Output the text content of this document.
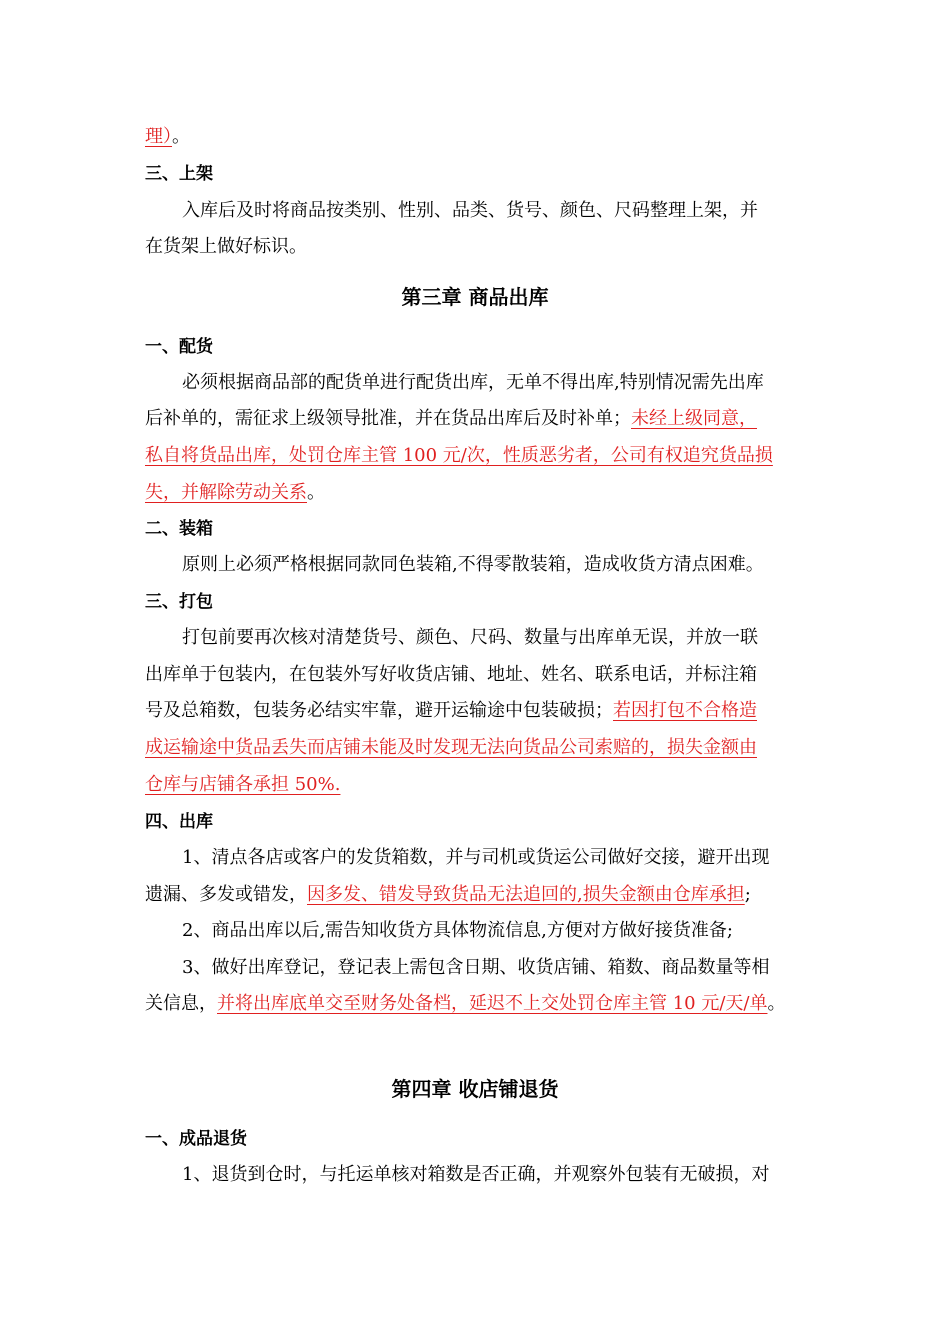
理）。
三、上架
入库后及时将商品按类别、性别、品类、货号、颜色、尺码整理上架，并
在货架上做好标识。
第三章 商品出库
一、配货
必须根据商品部的配货单进行配货出库，无单不得出库,特别情况需先出库
后补单的，需征求上级领导批准，并在货品出库后及时补单；未经上级同意，
私自将货品出库，处罚仓库主管 100 元/次，性质恶劣者，公司有权追究货品损
失，并解除劳动关系。
二、装箱
原则上必须严格根据同款同色装箱,不得零散装箱，造成收货方清点困难。
三、打包
打包前要再次核对清楚货号、颜色、尺码、数量与出库单无误，并放一联
出库单于包装内，在包装外写好收货店铺、地址、姓名、联系电话，并标注箱
号及总箱数，包装务必结实牢靠，避开运输途中包装破损；若因打包不合格造
成运输途中货品丢失而店铺未能及时发现无法向货品公司索赔的，损失金额由
仓库与店铺各承担 50%.
四、出库
1、清点各店或客户的发货箱数，并与司机或货运公司做好交接，避开出现
遗漏、多发或错发，因多发、错发导致货品无法追回的,损失金额由仓库承担;
2、商品出库以后,需告知收货方具体物流信息,方便对方做好接货准备;
3、做好出库登记，登记表上需包含日期、收货店铺、箱数、商品数量等相
关信息，并将出库底单交至财务处备档，延迟不上交处罚仓库主管 10 元/天/单。
第四章 收店铺退货
一、成品退货
1、退货到仓时，与托运单核对箱数是否正确，并观察外包装有无破损，对
